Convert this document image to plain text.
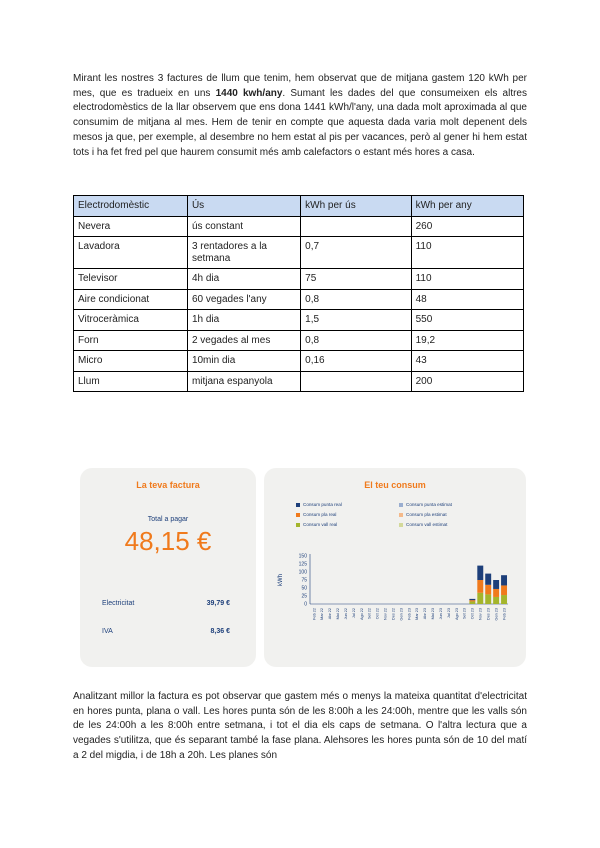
Mirant les nostres 3 factures de llum que tenim, hem observat que de mitjana gastem 120 kWh per mes, que es tradueix en uns 1440 kwh/any. Sumant les dades del que consumeixen els altres electrodomèstics de la llar observem que ens dona 1441 kWh/l'any, una dada molt aproximada al que consumim de mitjana al mes. Hem de tenir en compte que aquesta dada varia molt depenent dels mesos ja que, per exemple, al desembre no hem estat al pis per vacances, però al gener hi hem estat tots i ha fet fred pel que haurem consumit més amb calefactors o estant més hores a casa.

Electrodomèstic	Ús	kWh per ús	kWh per any
Nevera	ús constant		260
Lavadora	3 rentadores a la setmana	0,7	110
Televisor	4h dia	75	110
Aire condicionat	60 vegades l'any	0,8	48
Vitroceràmica	1h dia	1,5	550
Forn	2 vegades al mes	0,8	19,2
Micro	10min dia	0,16	43
Llum	mitjana espanyola		200
La teva factura
Total a pagar
48,15 €
Electricitat	39,79 €
IVA	8,36 €
El teu consum
Consum punta real	Consum punta estimat
Consum pla real	Consum pla estimat
Consum vall real	Consum vall estimat
0
25
50
75
100
125
150
kWh
Feb 22 Mar 22 Abr 22 Mai 22 Jun 22 Jul 22 Ago 22 Set 22 Oct 22 Nov 22 Des 22 Gen 23 Feb 23 Mar 23 Abr 23 Mai 23 Jun 23 Jul 23 Ago 23 Set 23 Oct 23 Nov 23 Des 23 Gen 23 Feb 23

Analitzant millor la factura es pot observar que gastem més o menys la mateixa quantitat d'electricitat en hores punta, plana o vall. Les hores punta són de les 8:00h a les 24:00h, mentre que les valls són de les 24:00h a les 8:00h entre setmana, i tot el dia els caps de setmana. O l'altra lectura que a vegades s'utilitza, que és separant també la fase plana. Alehsores les hores punta són de 10 del matí a 2 del migdia, i de 18h a 20h. Les planes són
